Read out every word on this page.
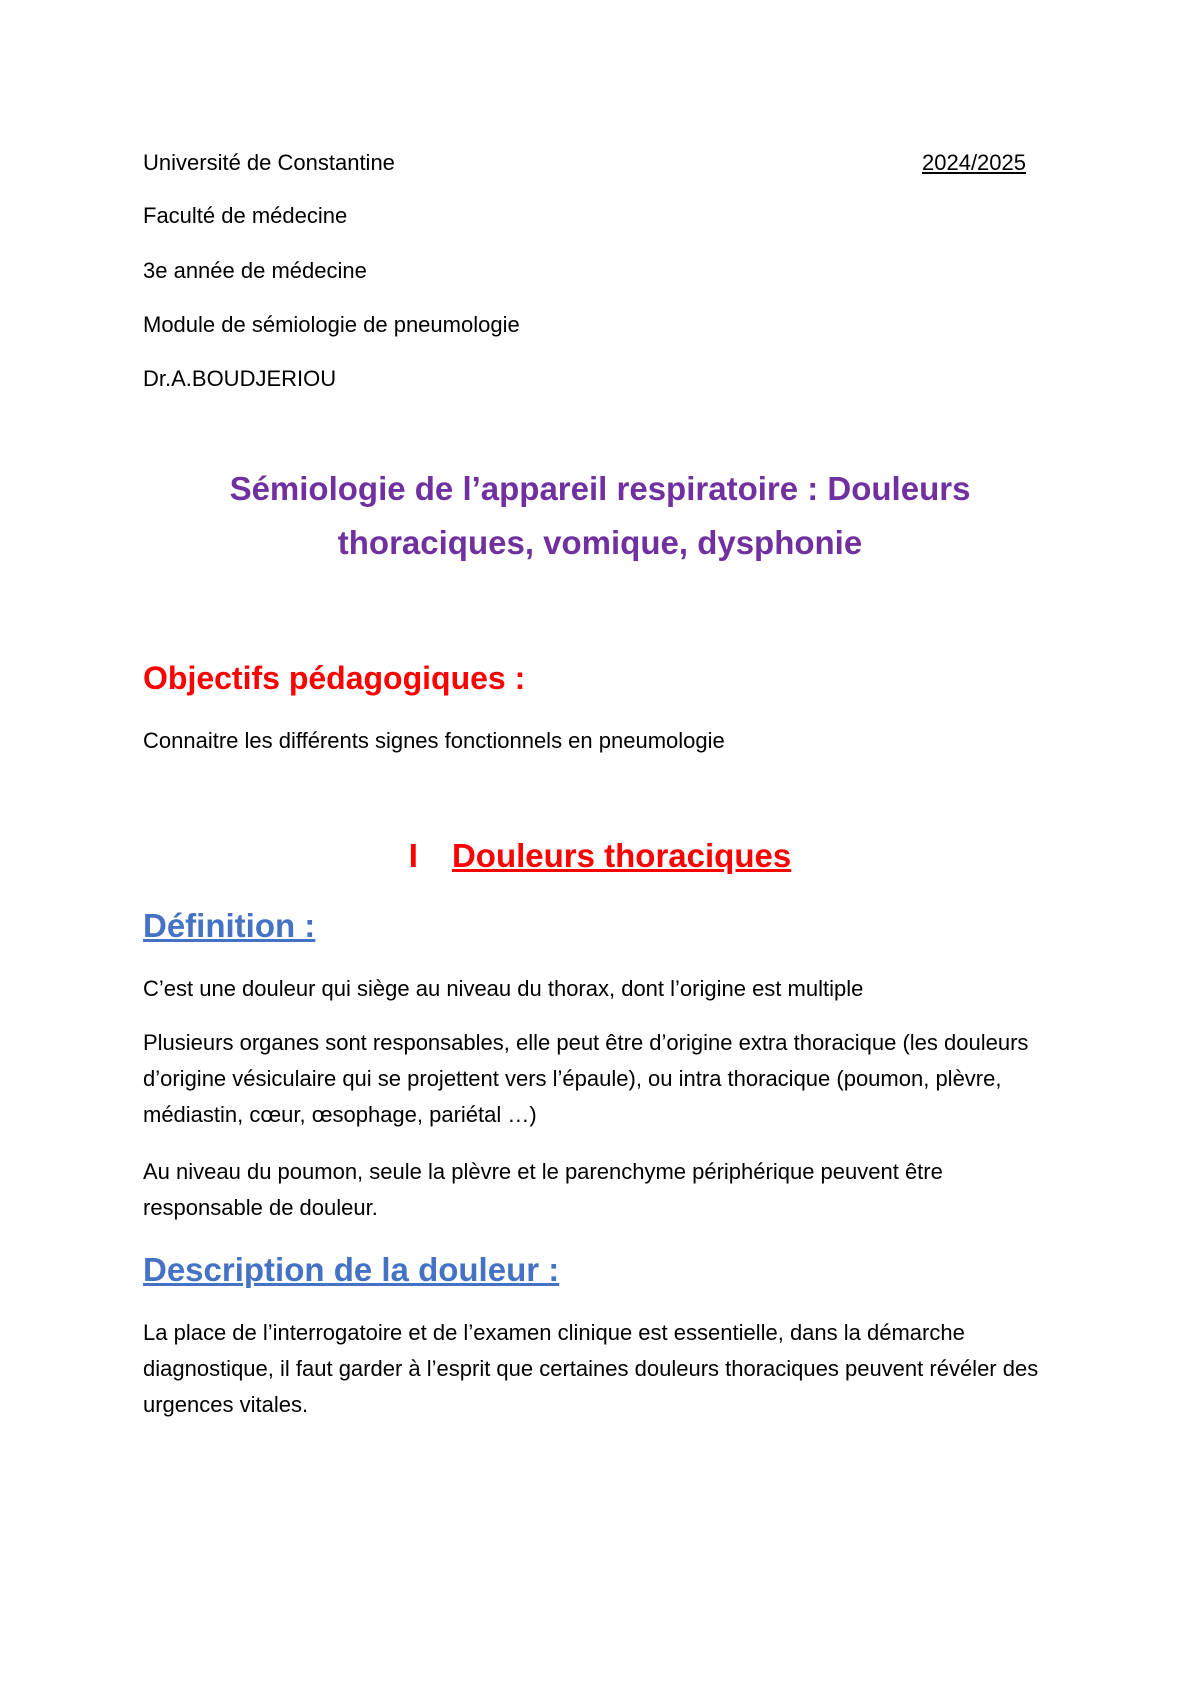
Université de Constantine	2024/2025

Faculté de médecine

3e année de médecine

Module de sémiologie de pneumologie

Dr.A.BOUDJERIOU

Sémiologie de l’appareil respiratoire : Douleurs
thoraciques, vomique, dysphonie
Objectifs pédagogiques :

Connaitre les différents signes fonctionnels en pneumologie

I Douleurs thoraciques
Définition :

C’est une douleur qui siège au niveau du thorax, dont l’origine est multiple

Plusieurs organes sont responsables, elle peut être d’origine extra thoracique (les douleurs d’origine vésiculaire qui se projettent vers l’épaule), ou intra thoracique (poumon, plèvre, médiastin, cœur, œsophage, pariétal …)

Au niveau du poumon, seule la plèvre et le parenchyme périphérique peuvent être responsable de douleur.

Description de la douleur :

La place de l’interrogatoire et de l’examen clinique est essentielle, dans la démarche diagnostique, il faut garder à l’esprit que certaines douleurs thoraciques peuvent révéler des urgences vitales.
